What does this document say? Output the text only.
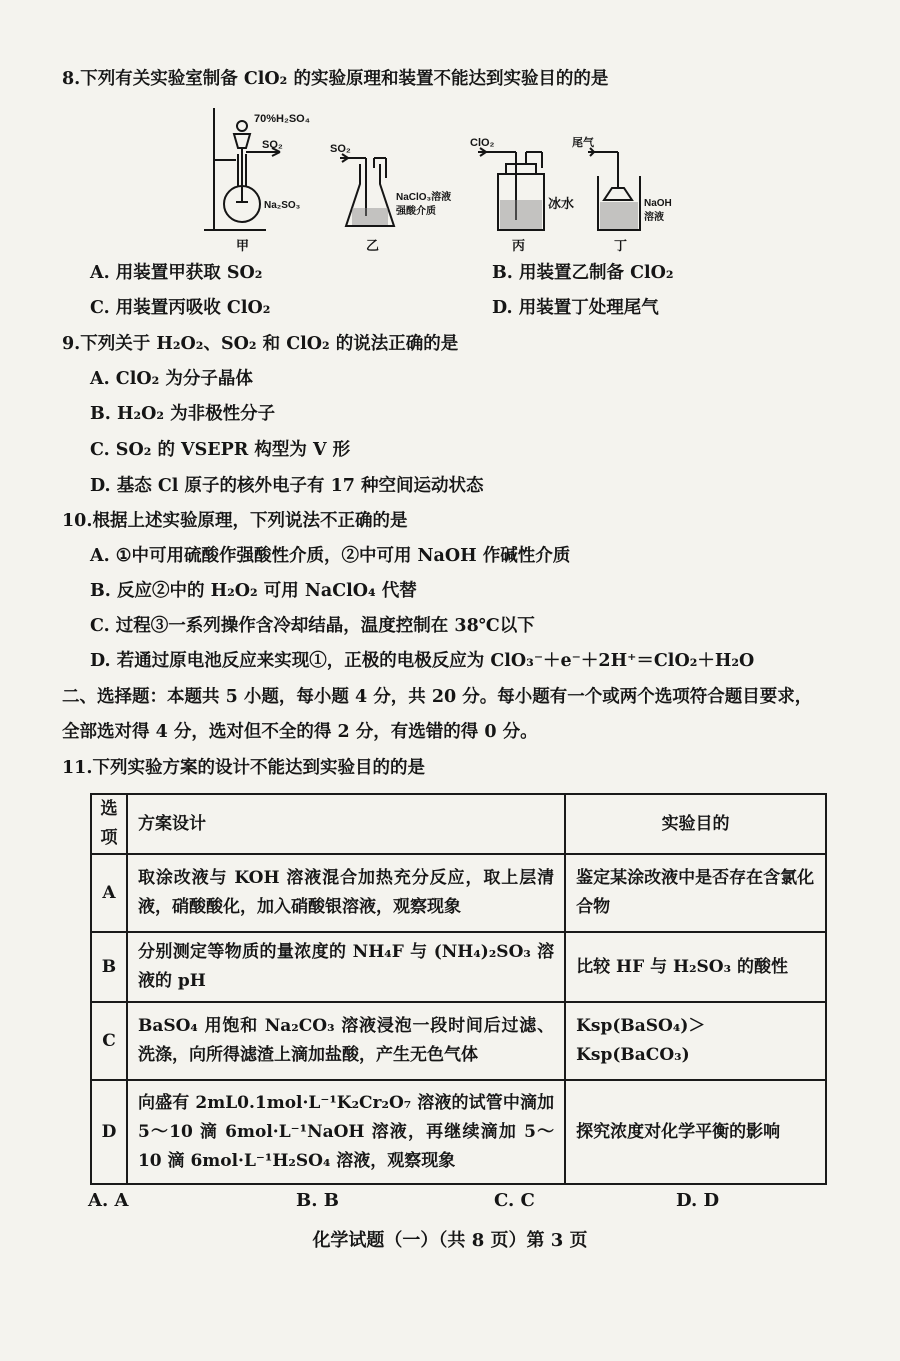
8.下列有关实验室制备 ClO₂ 的实验原理和装置不能达到实验目的的是
70%H₂SO₄
SO₂
Na₂SO₃
甲
SO₂
NaClO₃溶液
强酸介质
乙
ClO₂
冰水
丙
尾气
NaOH
溶液
丁
A. 用装置甲获取 SO₂	B. 用装置乙制备 ClO₂
C. 用装置丙吸收 ClO₂	D. 用装置丁处理尾气
9.下列关于 H₂O₂、SO₂ 和 ClO₂ 的说法正确的是
A. ClO₂ 为分子晶体
B. H₂O₂ 为非极性分子
C. SO₂ 的 VSEPR 构型为 V 形
D. 基态 Cl 原子的核外电子有 17 种空间运动状态
10.根据上述实验原理，下列说法不正确的是
A. ①中可用硫酸作强酸性介质，②中可用 NaOH 作碱性介质
B. 反应②中的 H₂O₂ 可用 NaClO₄ 代替
C. 过程③一系列操作含冷却结晶，温度控制在 38℃以下
D. 若通过原电池反应来实现①，正极的电极反应为 ClO₃⁻＋e⁻＋2H⁺＝ClO₂＋H₂O
二、选择题：本题共 5 小题，每小题 4 分，共 20 分。每小题有一个或两个选项符合题目要求，
全部选对得 4 分，选对但不全的得 2 分，有选错的得 0 分。
11.下列实验方案的设计不能达到实验目的的是
选项	方案设计	实验目的
A	取涂改液与 KOH 溶液混合加热充分反应，取上层清液，硝酸酸化，加入硝酸银溶液，观察现象	鉴定某涂改液中是否存在含氯化合物
B	分别测定等物质的量浓度的 NH₄F 与 (NH₄)₂SO₃ 溶液的 pH	比较 HF 与 H₂SO₃ 的酸性
C	BaSO₄ 用饱和 Na₂CO₃ 溶液浸泡一段时间后过滤、洗涤，向所得滤渣上滴加盐酸，产生无色气体	Ksp(BaSO₄)＞Ksp(BaCO₃)
D	向盛有 2mL0.1mol·L⁻¹K₂Cr₂O₇ 溶液的试管中滴加 5～10 滴 6mol·L⁻¹NaOH 溶液，再继续滴加 5～10 滴 6mol·L⁻¹H₂SO₄ 溶液，观察现象	探究浓度对化学平衡的影响
A. A	B. B	C. C	D. D
化学试题（一）（共 8 页）第 3 页
